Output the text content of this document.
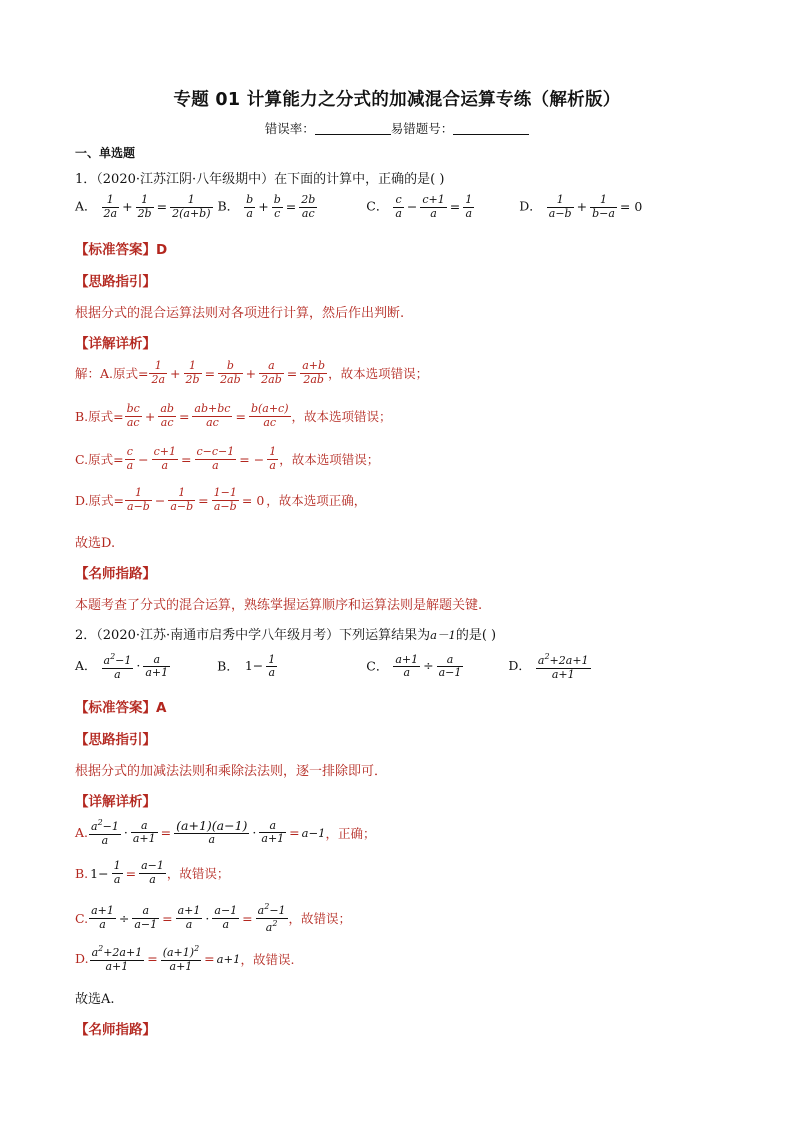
专题 01 计算能力之分式的加减混合运算专练（解析版）
错误率：	易错题号：
一、单选题
1．（2020·江苏江阴·八年级期中）在下面的计算中，正确的是( )
A． $\frac{1}{2a} + \frac{1}{2b} = \frac{1}{2(a+b)}$ B． $\frac{b}{a} + \frac{b}{c} = \frac{2b}{ac}$	C． $\frac{c}{a} - \frac{c+1}{a} = \frac{1}{a}$	D． $\frac{1}{a-b} + \frac{1}{b-a} = 0$
【标准答案】D
【思路指引】
根据分式的混合运算法则对各项进行计算，然后作出判断.
【详解详析】
解：A.原式= $\frac{1}{2a} + \frac{1}{2b} = \frac{b}{2ab} + \frac{a}{2ab} = \frac{a+b}{2ab}$ ，故本选项错误；
B.原式= $\frac{bc}{ac} + \frac{ab}{ac} = \frac{ab+bc}{ac} = \frac{b(a+c)}{ac}$ ，故本选项错误；
C.原式= $\frac{c}{a} - \frac{c+1}{a} = \frac{c-c-1}{a}$ = − $\frac{1}{a}$ ，故本选项错误；
D.原式= $\frac{1}{a-b} - \frac{1}{a-b} = \frac{1-1}{a-b} = 0$ ，故本选项正确，
故选D.
【名师指路】
本题考查了分式的混合运算，熟练掌握运算顺序和运算法则是解题关键.
2．（2020·江苏·南通市启秀中学八年级月考）下列运算结果为a－1的是( )
A． $\frac{a^2-1}{a} \cdot \frac{a}{a+1}$	B． $1- \frac{1}{a}$	C． $\frac{a+1}{a} \div \frac{a}{a-1}$	D． $\frac{a^2+2a+1}{a+1}$
【标准答案】A
【思路指引】
根据分式的加减法法则和乘除法法则，逐一排除即可．
【详解详析】
A. $\frac{a^2-1}{a} \cdot \frac{a}{a+1} = \frac{(a+1)(a-1)}{a} \cdot \frac{a}{a+1} = a-1$ ，正确；
B. $1- \frac{1}{a} = \frac{a-1}{a}$ ，故错误；
C. $\frac{a+1}{a} \div \frac{a}{a-1} = \frac{a+1}{a} \cdot \frac{a-1}{a} = \frac{a^2-1}{a^2}$ ，故错误；
D. $\frac{a^2+2a+1}{a+1} = \frac{(a+1)^2}{a+1} = a+1$ ，故错误.
故选A.
【名师指路】
